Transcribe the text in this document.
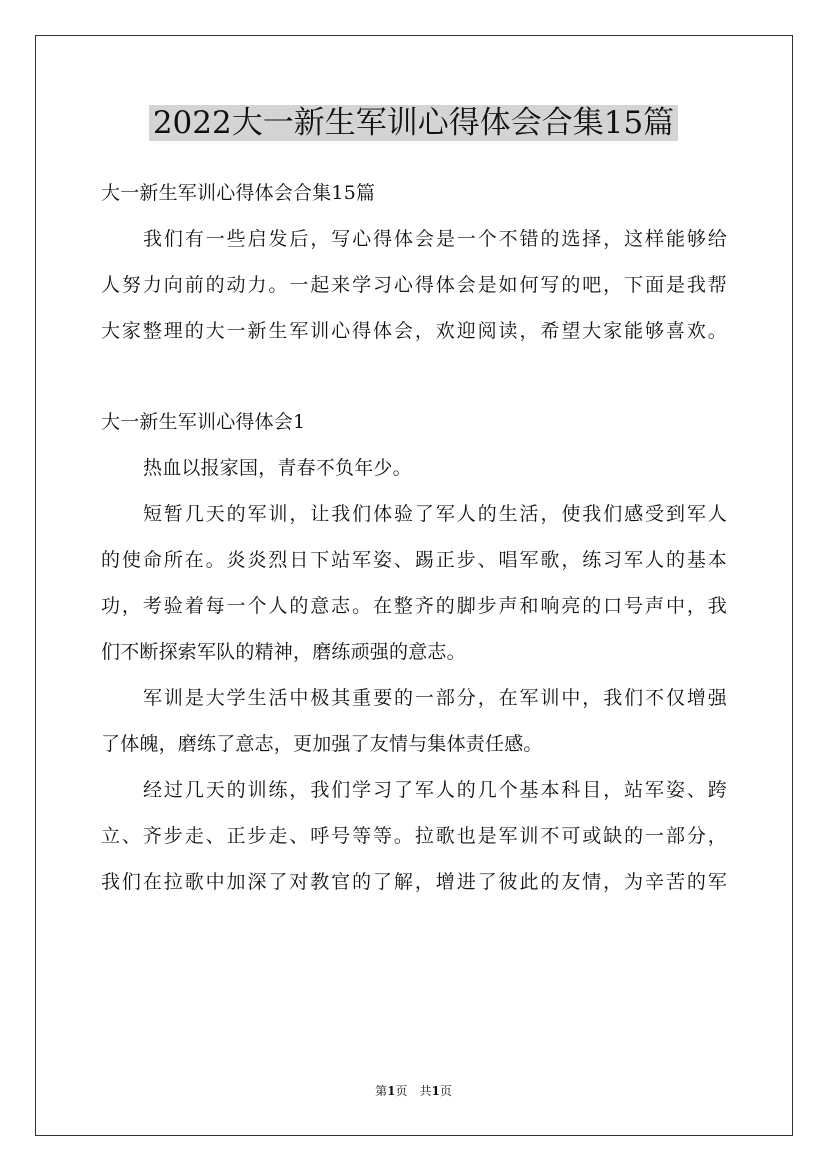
2022大一新生军训心得体会合集15篇
大一新生军训心得体会合集15篇
我们有一些启发后，写心得体会是一个不错的选择，这样能够给
人努力向前的动力。一起来学习心得体会是如何写的吧，下面是我帮
大家整理的大一新生军训心得体会，欢迎阅读，希望大家能够喜欢。
大一新生军训心得体会1
热血以报家国，青春不负年少。
短暂几天的军训，让我们体验了军人的生活，使我们感受到军人
的使命所在。炎炎烈日下站军姿、踢正步、唱军歌，练习军人的基本
功，考验着每一个人的意志。在整齐的脚步声和响亮的口号声中，我
们不断探索军队的精神，磨练顽强的意志。
军训是大学生活中极其重要的一部分，在军训中，我们不仅增强
了体魄，磨练了意志，更加强了友情与集体责任感。
经过几天的训练，我们学习了军人的几个基本科目，站军姿、跨
立、齐步走、正步走、呼号等等。拉歌也是军训不可或缺的一部分，
我们在拉歌中加深了对教官的了解，增进了彼此的友情，为辛苦的军
第1页 共1页
